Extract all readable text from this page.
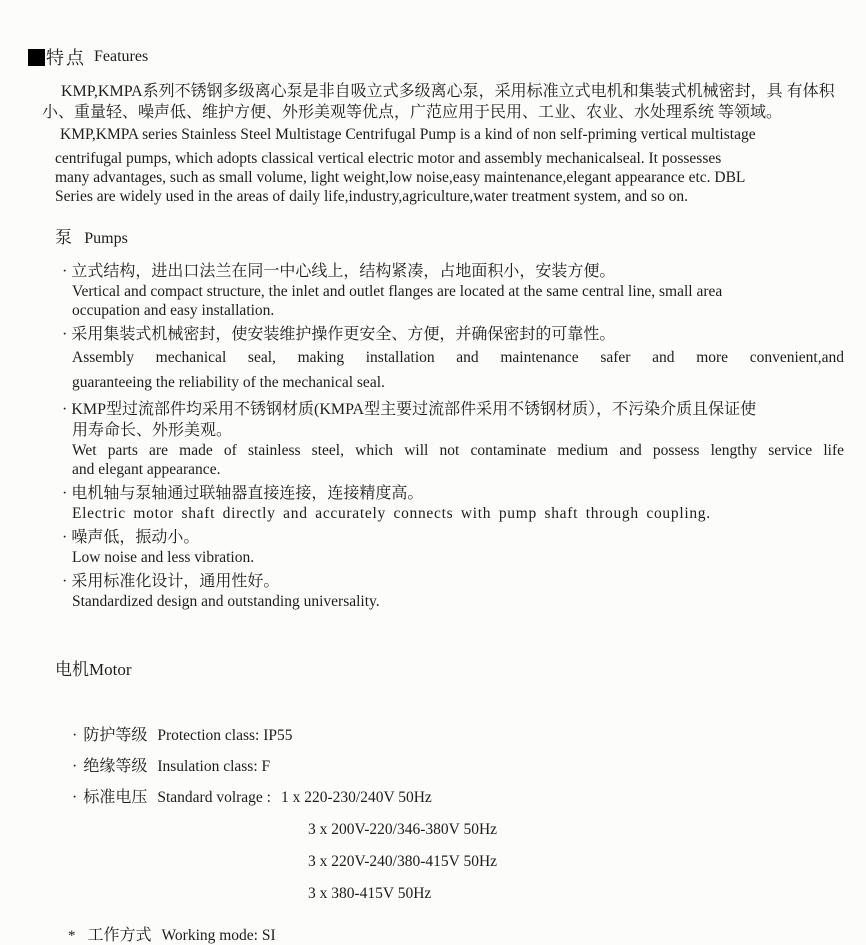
特点 Features
KMP,KMPA系列不锈钢多级离心泵是非自吸立式多级离心泵，采用标准立式电机和集装式机械密封，具 有体积
小、重量轻、噪声低、维护方便、外形美观等优点，广范应用于民用、工业、农业、水处理系统 等领域。
KMP,KMPA series Stainless Steel Multistage Centrifugal Pump is a kind of non self-priming vertical multistage
centrifugal pumps, which adopts classical vertical electric motor and assembly mechanicalseal. It possesses
many advantages, such as small volume, light weight,low noise,easy maintenance,elegant appearance etc. DBL
Series are widely used in the areas of daily life,industry,agriculture,water treatment system, and so on.
泵 Pumps
· 立式结构，进出口法兰在同一中心线上，结构紧凑，占地面积小，安装方便。
Vertical and compact structure, the inlet and outlet flanges are located at the same central line, small area
occupation and easy installation.
· 采用集装式机械密封，使安装维护操作更安全、方便，并确保密封的可靠性。
Assembly mechanical seal, making installation and maintenance safer and more convenient,and
guaranteeing the reliability of the mechanical seal.
· KMP型过流部件均采用不锈钢材质(KMPA型主要过流部件采用不锈钢材质），不污染介质且保证使
用寿命长、外形美观。
Wet parts are made of stainless steel, which will not contaminate medium and possess lengthy service life
and elegant appearance.
· 电机轴与泵轴通过联轴器直接连接，连接精度高。
Electric motor shaft directly and accurately connects with pump shaft through coupling.
· 噪声低，振动小。
Low noise and less vibration.
· 采用标准化设计，通用性好。
Standardized design and outstanding universality.
电机Motor
· 防护等级 Protection class: IP55
· 绝缘等级 Insulation class: F
· 标准电压 Standard volrage : 1 x 220-230/240V 50Hz
3 x 200V-220/346-380V 50Hz
3 x 220V-240/380-415V 50Hz
3 x 380-415V 50Hz
* 工作方式 Working mode: SI
